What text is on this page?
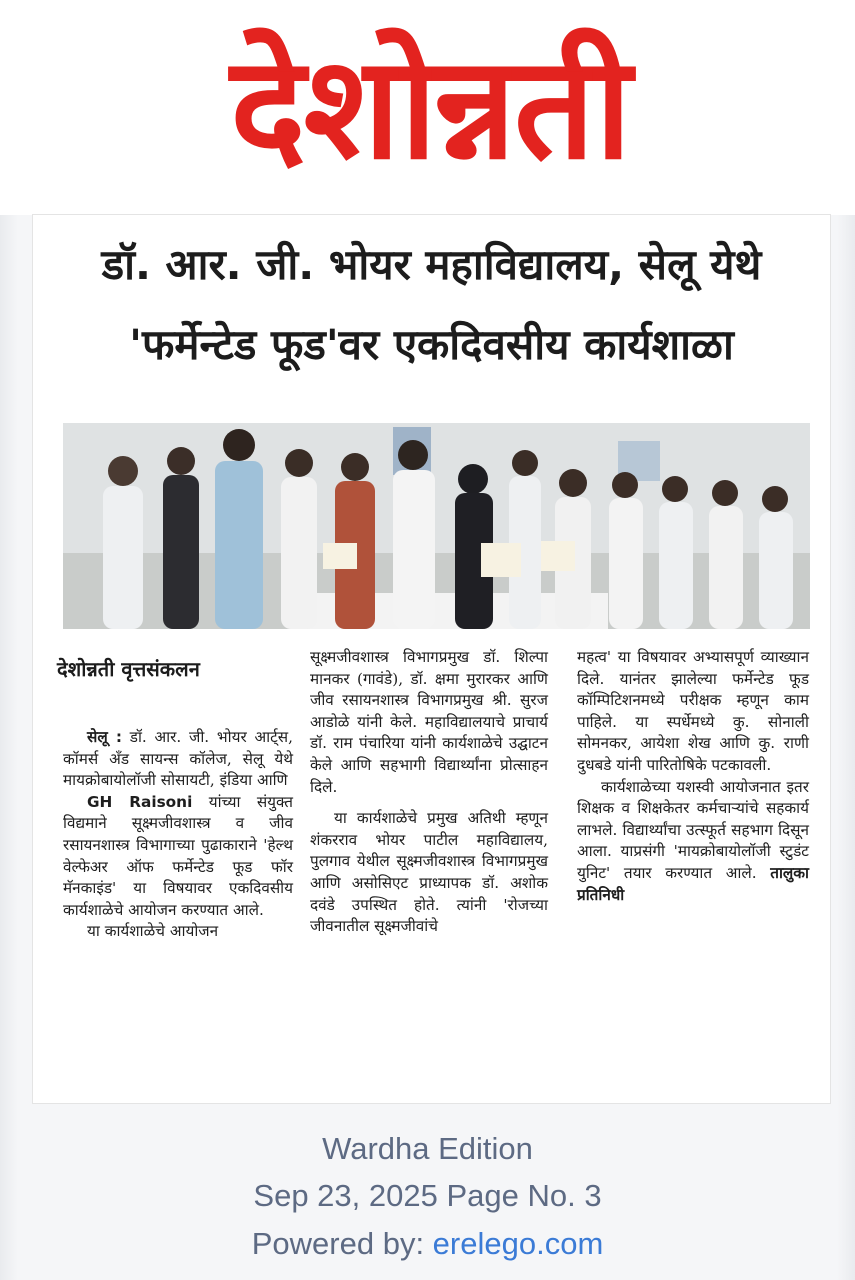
देशोन्नती
डॉ. आर. जी. भोयर महाविद्यालय, सेलू येथे
'फर्मेन्टेड फूड'वर एकदिवसीय कार्यशाळा
देशोन्नती वृत्तसंकलन

सेलू : डॉ. आर. जी. भोयर आर्ट्स, कॉमर्स अँड सायन्स कॉलेज, सेलू येथे मायक्रोबायोलॉजी सोसायटी, इंडिया आणि

GH Raisoni यांच्या संयुक्त विद्यमाने सूक्ष्मजीवशास्त्र व जीव रसायनशास्त्र विभागाच्या पुढाकाराने 'हेल्थ वेल्फेअर ऑफ फर्मेन्टेड फूड फॉर मॅनकाइंड' या विषयावर एकदिवसीय कार्यशाळेचे आयोजन करण्यात आले.

या कार्यशाळेचे आयोजन

सूक्ष्मजीवशास्त्र विभागप्रमुख डॉ. शिल्पा मानकर (गावंडे), डॉ. क्षमा मुरारकर आणि जीव रसायनशास्त्र विभागप्रमुख श्री. सुरज आडोळे यांनी केले. महाविद्यालयाचे प्राचार्य डॉ. राम पंचारिया यांनी कार्यशाळेचे उद्घाटन केले आणि सहभागी विद्यार्थ्यांना प्रोत्साहन दिले.

या कार्यशाळेचे प्रमुख अतिथी म्हणून शंकरराव भोयर पाटील महाविद्यालय, पुलगाव येथील सूक्ष्मजीवशास्त्र विभागप्रमुख आणि असोसिएट प्राध्यापक डॉ. अशोक दवंडे उपस्थित होते. त्यांनी 'रोजच्या जीवनातील सूक्ष्मजीवांचे

महत्व' या विषयावर अभ्यासपूर्ण व्याख्यान दिले. यानंतर झालेल्या फर्मेन्टेड फूड कॉम्पिटिशनमध्ये परीक्षक म्हणून काम पाहिले. या स्पर्धेमध्ये कु. सोनाली सोमनकर, आयेशा शेख आणि कु. राणी दुधबडे यांनी पारितोषिके पटकावली.

कार्यशाळेच्या यशस्वी आयोजनात इतर शिक्षक व शिक्षकेतर कर्मचाऱ्यांचे सहकार्य लाभले. विद्यार्थ्यांचा उत्स्फूर्त सहभाग दिसून आला. याप्रसंगी 'मायक्रोबायोलॉजी स्टुडंट युनिट' तयार करण्यात आले. तालुका प्रतिनिधी

Wardha Edition
Sep 23, 2025 Page No. 3
Powered by: erelego.com
